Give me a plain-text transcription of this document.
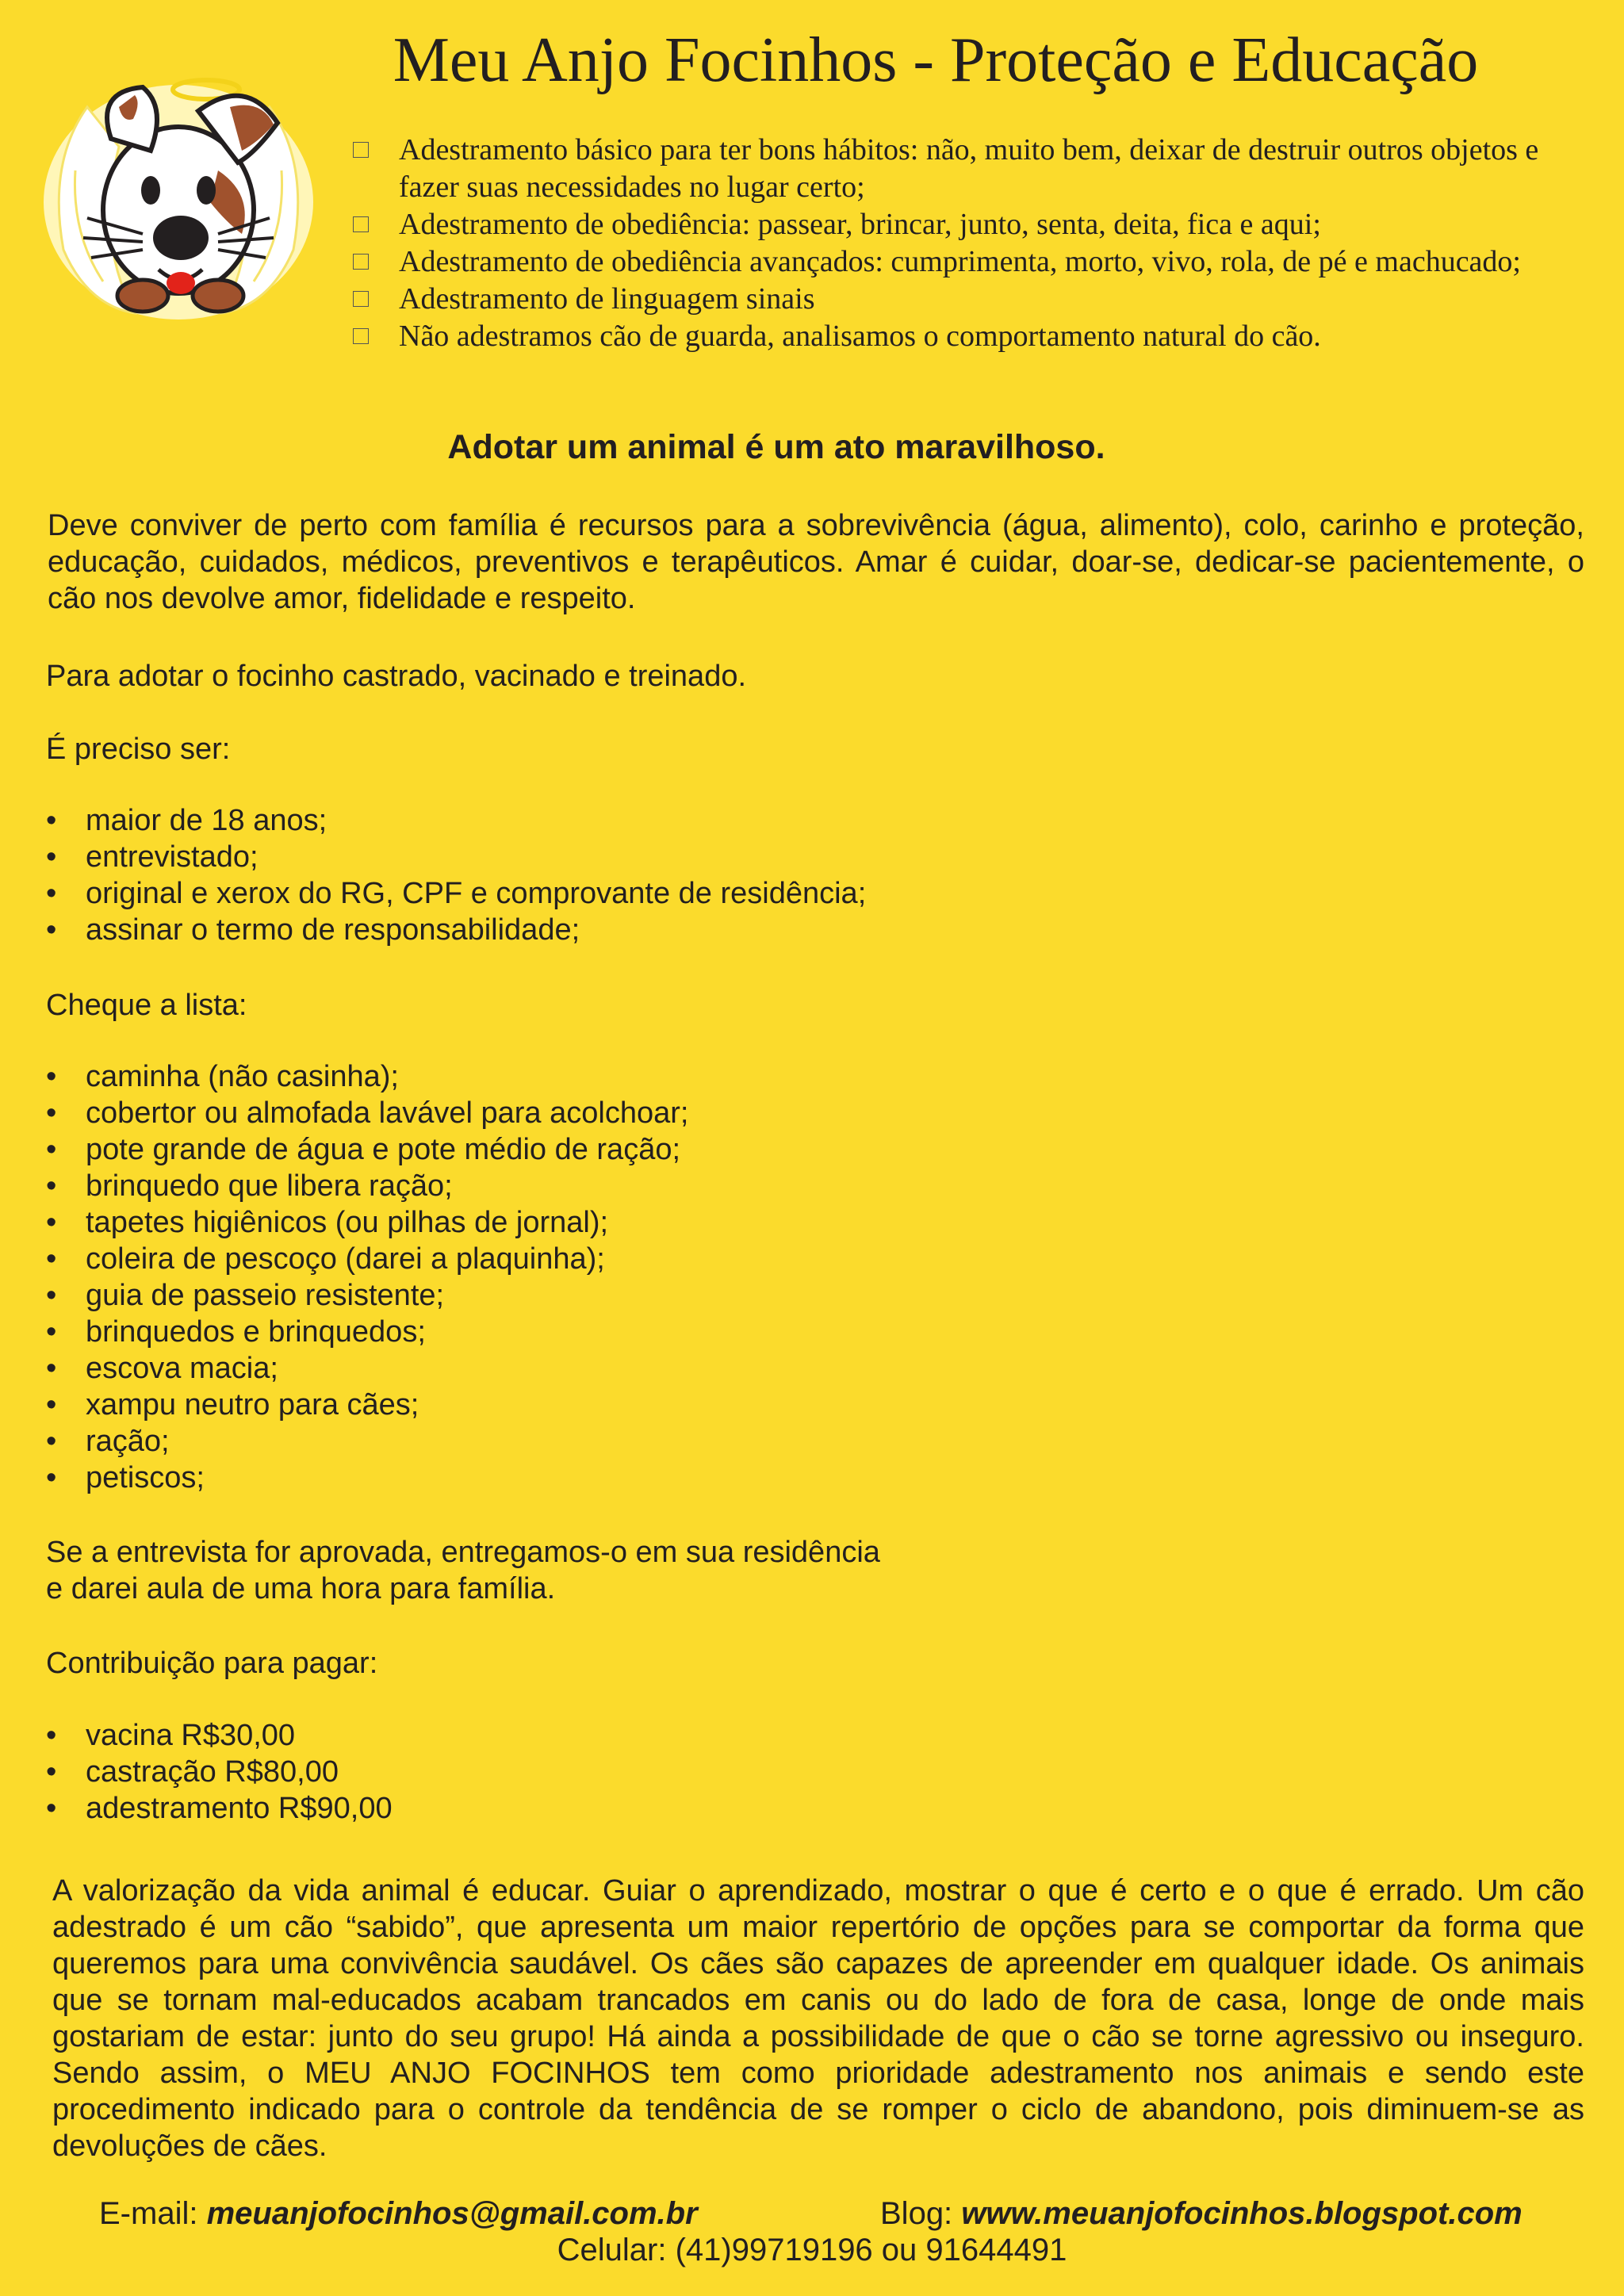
Meu Anjo Focinhos - Proteção e Educação
Adestramento básico para ter bons hábitos: não, muito bem, deixar de destruir outros objetos e fazer suas necessidades no lugar certo;
Adestramento de obediência: passear, brincar, junto, senta, deita, fica e aqui;
Adestramento de obediência avançados: cumprimenta, morto, vivo, rola, de pé e machucado;
Adestramento de linguagem sinais
Não adestramos cão de guarda, analisamos o comportamento natural do cão.
Adotar um animal é um ato maravilhoso.

Deve conviver de perto com família é recursos para a sobrevivência (água, alimento), colo, carinho e proteção, educação, cuidados, médicos, preventivos e terapêuticos. Amar é cuidar, doar-se, dedicar-se pacientemente, o cão nos devolve amor, fidelidade e respeito.

Para adotar o focinho castrado, vacinado e treinado.

É preciso ser:

• maior de 18 anos;
• entrevistado;
• original e xerox do RG, CPF e comprovante de residência;
• assinar o termo de responsabilidade;

Cheque a lista:

• caminha (não casinha);
• cobertor ou almofada lavável para acolchoar;
• pote grande de água e pote médio de ração;
• brinquedo que libera ração;
• tapetes higiênicos (ou pilhas de jornal);
• coleira de pescoço (darei a plaquinha);
• guia de passeio resistente;
• brinquedos e brinquedos;
• escova macia;
• xampu neutro para cães;
• ração;
• petiscos;

Se a entrevista for aprovada, entregamos-o em sua residência

e darei aula de uma hora para família.

Contribuição para pagar:

• vacina R$30,00
• castração R$80,00
• adestramento R$90,00

A valorização da vida animal é educar. Guiar o aprendizado, mostrar o que é certo e o que é errado. Um cão adestrado é um cão “sabido”, que apresenta um maior repertório de opções para se comportar da forma que queremos para uma convivência saudável. Os cães são capazes de apreender em qualquer idade. Os animais que se tornam mal-educados acabam trancados em canis ou do lado de fora de casa, longe de onde mais gostariam de estar: junto do seu grupo! Há ainda a possibilidade de que o cão se torne agressivo ou inseguro. Sendo assim, o MEU ANJO FOCINHOS tem como prioridade adestramento nos animais e sendo este procedimento indicado para o controle da tendência de se romper o ciclo de abandono, pois diminuem-se as devoluções de cães.

E-mail: meuanjofocinhos@gmail.com.br	Blog: www.meuanjofocinhos.blogspot.com

Celular: (41)99719196 ou 91644491
